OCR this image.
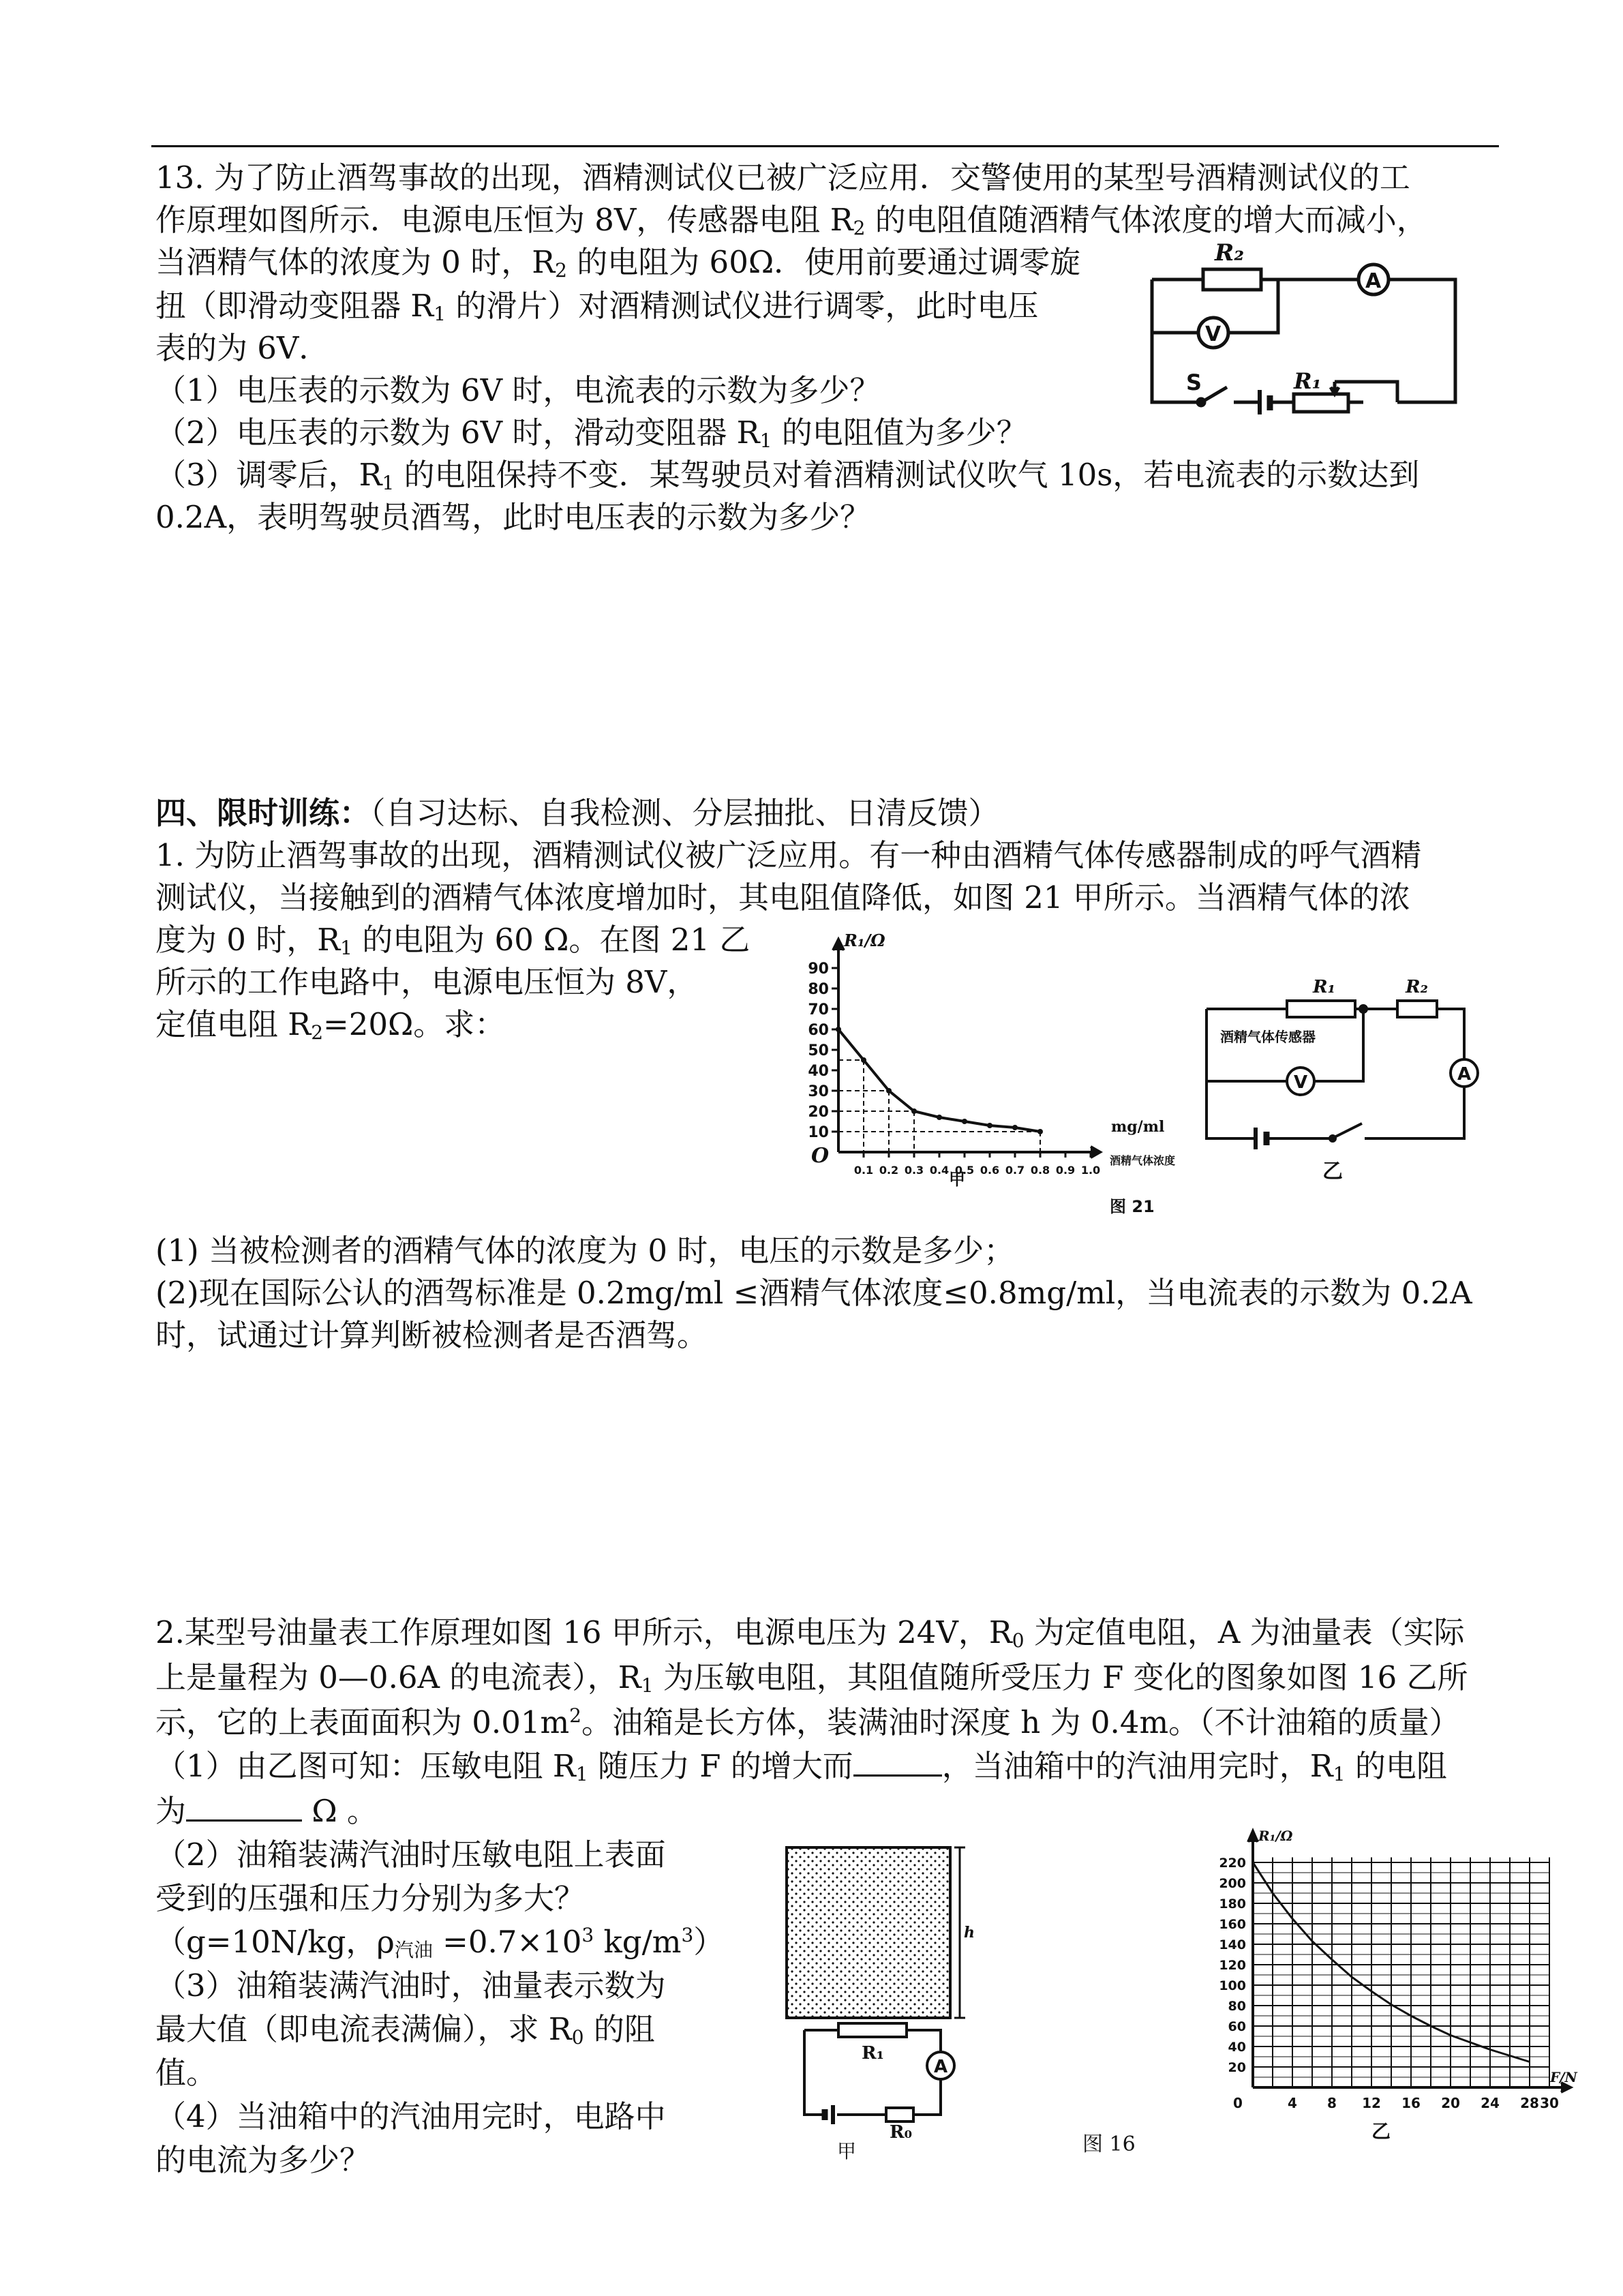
13. 为了防止酒驾事故的出现，酒精测试仪已被广泛应用．交警使用的某型号酒精测试仪的工
作原理如图所示．电源电压恒为 8V，传感器电阻 $R_2$ 的电阻值随酒精气体浓度的增大而减小，
当酒精气体的浓度为 0 时，$R_2$ 的电阻为 60Ω．使用前要通过调零旋
扭（即滑动变阻器 $R_1$ 的滑片）对酒精测试仪进行调零，此时电压
表的为 6V．
（1）电压表的示数为 6V 时，电流表的示数为多少？
（2）电压表的示数为 6V 时，滑动变阻器 $R_1$ 的电阻值为多少？
（3）调零后，$R_1$ 的电阻保持不变．某驾驶员对着酒精测试仪吹气 10s，若电流表的示数达到
0.2A，表明驾驶员酒驾，此时电压表的示数为多少？
R₂
A
V
S	R₁
四、限时训练：（自习达标、自我检测、分层抽批、日清反馈）
1. 为防止酒驾事故的出现，酒精测试仪被广泛应用。有一种由酒精气体传感器制成的呼气酒精
测试仪，当接触到的酒精气体浓度增加时，其电阻值降低，如图 21 甲所示。当酒精气体的浓
度为 0 时，$R_1$ 的电阻为 60 Ω。在图 21 乙
所示的工作电路中，电源电压恒为 8V，
定值电阻 $R_2=20\Omega$。求：
(1) 当被检测者的酒精气体的浓度为 0 时，电压的示数是多少；
(2)现在国际公认的酒驾标准是 0.2mg/ml ≤酒精气体浓度≤0.8mg/ml，当电流表的示数为 0.2A
时，试通过计算判断被检测者是否酒驾。
10
20
30
40
50
60
70
80
90
0.1 0.2 0.3 0.4 0.5 0.6 0.7 0.8 0.9 1.0
R₁/Ω
O
mg/ml
酒精气体浓度
甲
图 21
R₁	R₂
酒精气体传感器
V	A
乙
2.某型号油量表工作原理如图 16 甲所示，电源电压为 24V，$R_0$ 为定值电阻，A 为油量表（实际
上是量程为 0—0.6A 的电流表），$R_1$ 为压敏电阻，其阻值随所受压力 F 变化的图象如图 16 乙所
示，它的上表面面积为 $0.01m^2$。油箱是长方体，装满油时深度 h 为 0.4m。（不计油箱的质量）
（1）由乙图可知：压敏电阻 $R_1$ 随压力 F 的增大而	，当油箱中的汽油用完时，$R_1$ 的电阻
为	Ω 。
（2）油箱装满汽油时压敏电阻上表面
受到的压强和压力分别为多大？
（g=10N/kg，$\rho_{汽油} =0.7\times 10^3$ $kg/m^3$）
（3）油箱装满汽油时，油量表示数为
最大值（即电流表满偏），求 $R_0$ 的阻
值。
（4）当油箱中的汽油用完时，电路中
的电流为多少？
h
R₁
A
R₀
甲	图 16
20
40
60
80
100
120
140
160
180
200
220
0	4 8 12 16 20 24 28 30
R₁/Ω
F/N
乙
